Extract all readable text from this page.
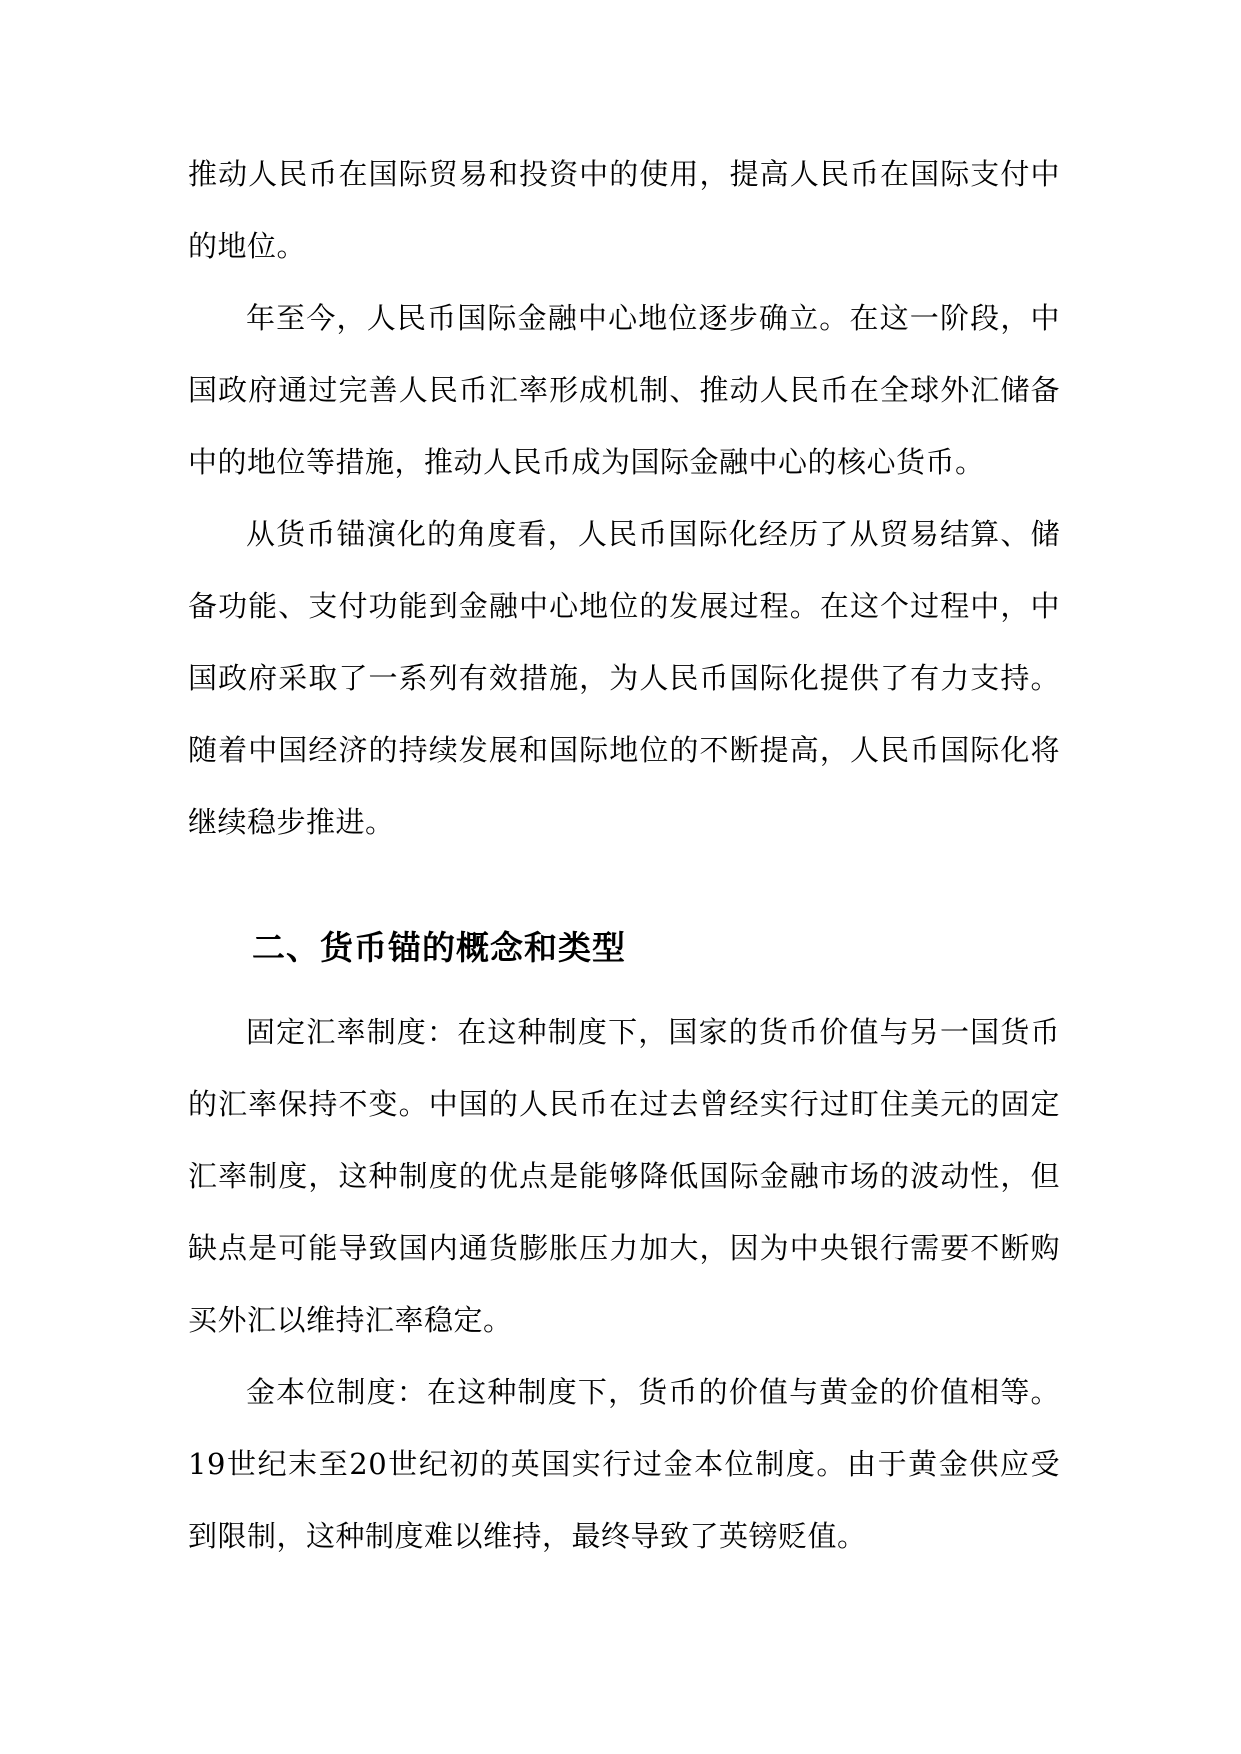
推动人民币在国际贸易和投资中的使用，提高人民币在国际支付中的地位。

年至今，人民币国际金融中心地位逐步确立。在这一阶段，中国政府通过完善人民币汇率形成机制、推动人民币在全球外汇储备中的地位等措施，推动人民币成为国际金融中心的核心货币。

从货币锚演化的角度看，人民币国际化经历了从贸易结算、储备功能、支付功能到金融中心地位的发展过程。在这个过程中，中国政府采取了一系列有效措施，为人民币国际化提供了有力支持。随着中国经济的持续发展和国际地位的不断提高，人民币国际化将继续稳步推进。

二、货币锚的概念和类型

固定汇率制度：在这种制度下，国家的货币价值与另一国货币的汇率保持不变。中国的人民币在过去曾经实行过盯住美元的固定汇率制度，这种制度的优点是能够降低国际金融市场的波动性，但缺点是可能导致国内通货膨胀压力加大，因为中央银行需要不断购买外汇以维持汇率稳定。

金本位制度：在这种制度下，货币的价值与黄金的价值相等。19世纪末至20世纪初的英国实行过金本位制度。由于黄金供应受到限制，这种制度难以维持，最终导致了英镑贬值。
